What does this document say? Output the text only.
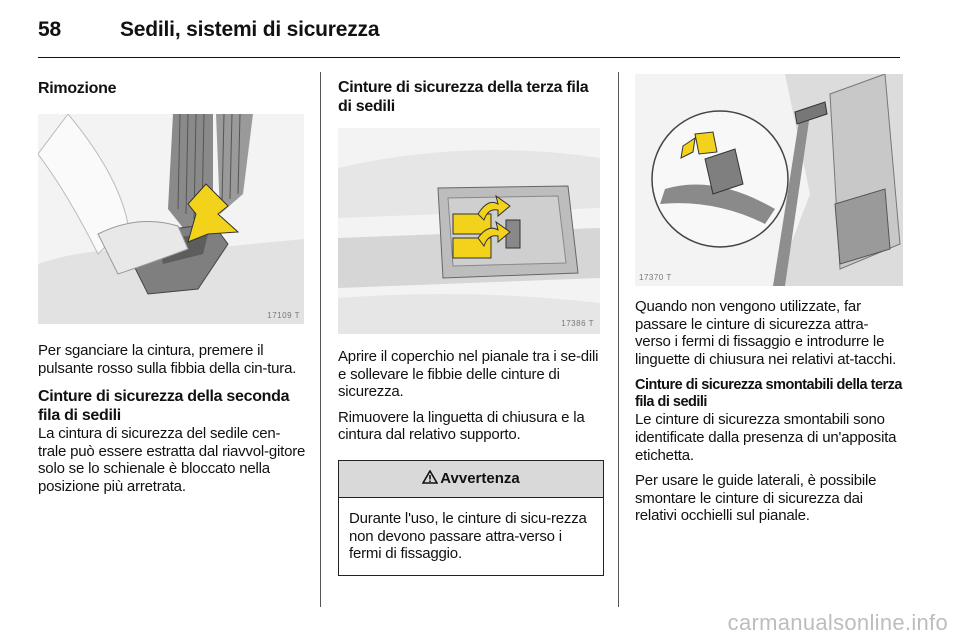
58	Sedili, sistemi di sicurezza
Rimozione
17109 T

Per sganciare la cintura, premere il pulsante rosso sulla fibbia della cin-tura.

Cinture di sicurezza della seconda fila di sedili

La cintura di sicurezza del sedile cen-trale può essere estratta dal riavvol-gitore solo se lo schienale è bloccato nella posizione più arretrata.

Cinture di sicurezza della terza fila di sedili
17386 T

Aprire il coperchio nel pianale tra i se-dili e sollevare le fibbie delle cinture di sicurezza.

Rimuovere la linguetta di chiusura e la cintura dal relativo supporto.

Avvertenza

Durante l'uso, le cinture di sicu-rezza non devono passare attra-verso i fermi di fissaggio.

17370 T

Quando non vengono utilizzate, far passare le cinture di sicurezza attra-verso i fermi di fissaggio e introdurre le linguette di chiusura nei relativi at-tacchi.

Cinture di sicurezza smontabili della terza fila di sedili

Le cinture di sicurezza smontabili sono identificate dalla presenza di un'apposita etichetta.

Per usare le guide laterali, è possibile smontare le cinture di sicurezza dai relativi occhielli sul pianale.

carmanualsonline.info
